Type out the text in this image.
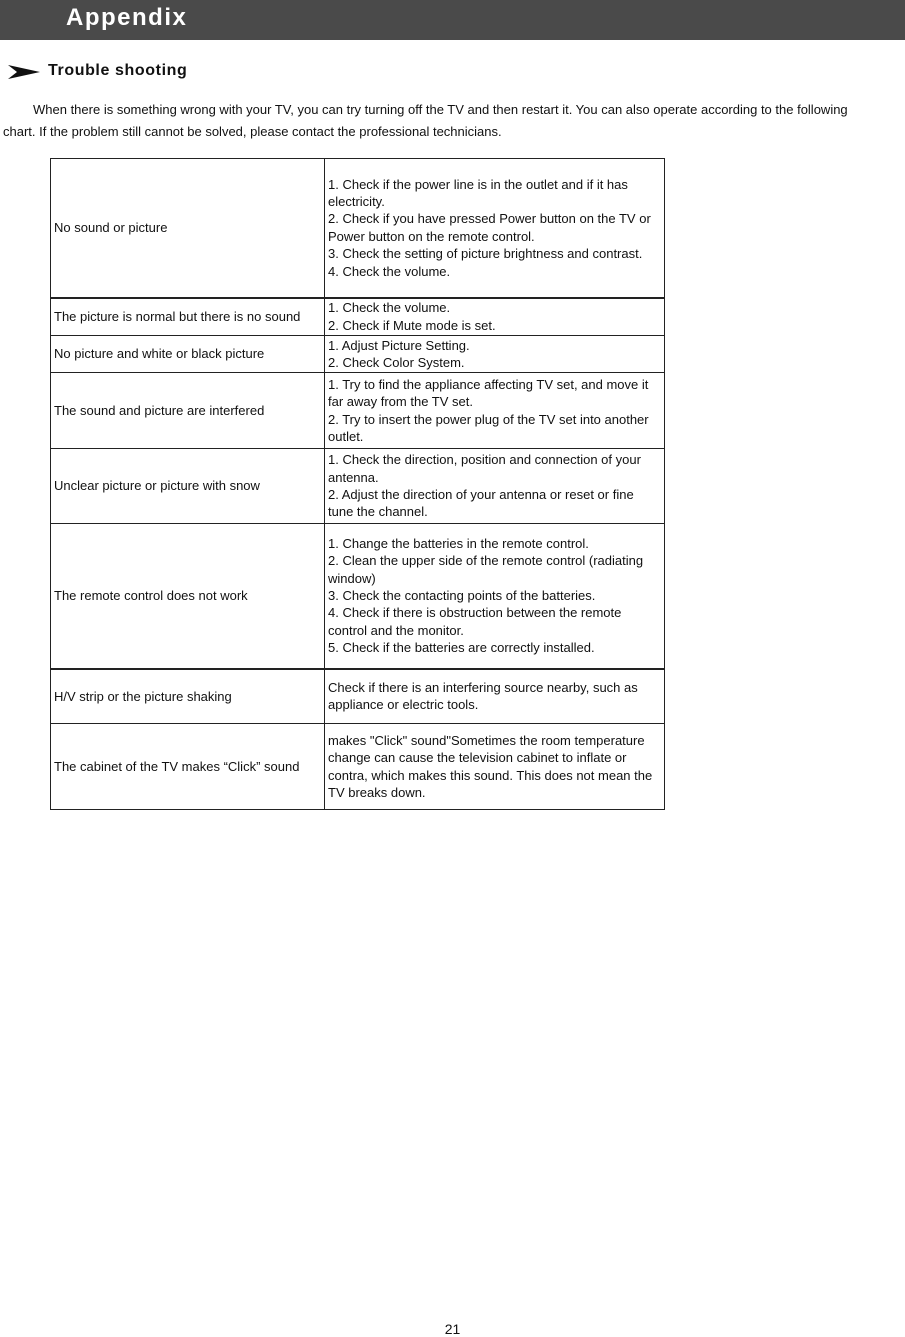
Appendix
Trouble shooting

When there is something wrong with your TV, you can try turning off the TV and then restart it. You can also operate according to the following chart. If the problem still cannot be solved, please contact the professional technicians.

No sound or picture	1. Check if the power line is in the outlet and if it has electricity.
2. Check if you have pressed Power button on the TV or Power button on the remote control.
3. Check the setting of picture brightness and contrast.
4. Check the volume.

The picture is normal but there is no sound	1. Check the volume.
2. Check if Mute mode is set.

No picture and white or black picture	1. Adjust Picture Setting.
2. Check Color System.

The sound and picture are interfered	1. Try to find the appliance affecting TV set, and move it far away from the TV set.
2. Try to insert the power plug of the TV set into another outlet.

Unclear picture or picture with snow	1. Check the direction, position and connection of your antenna.
2. Adjust the direction of your antenna or reset or fine tune the channel.

The remote control does not work	1. Change the batteries in the remote control.
2. Clean the upper side of the remote control (radiating window)
3. Check the contacting points of the batteries.
4. Check if there is obstruction between the remote control and the monitor.
5. Check if the batteries are correctly installed.

H/V strip or the picture shaking	Check if there is an interfering source nearby, such as appliance or electric tools.

The cabinet of the TV makes “Click” sound	makes "Click" sound"Sometimes the room temperature change can cause the television cabinet to inflate or contra, which makes this sound. This does not mean the TV breaks down.
21
